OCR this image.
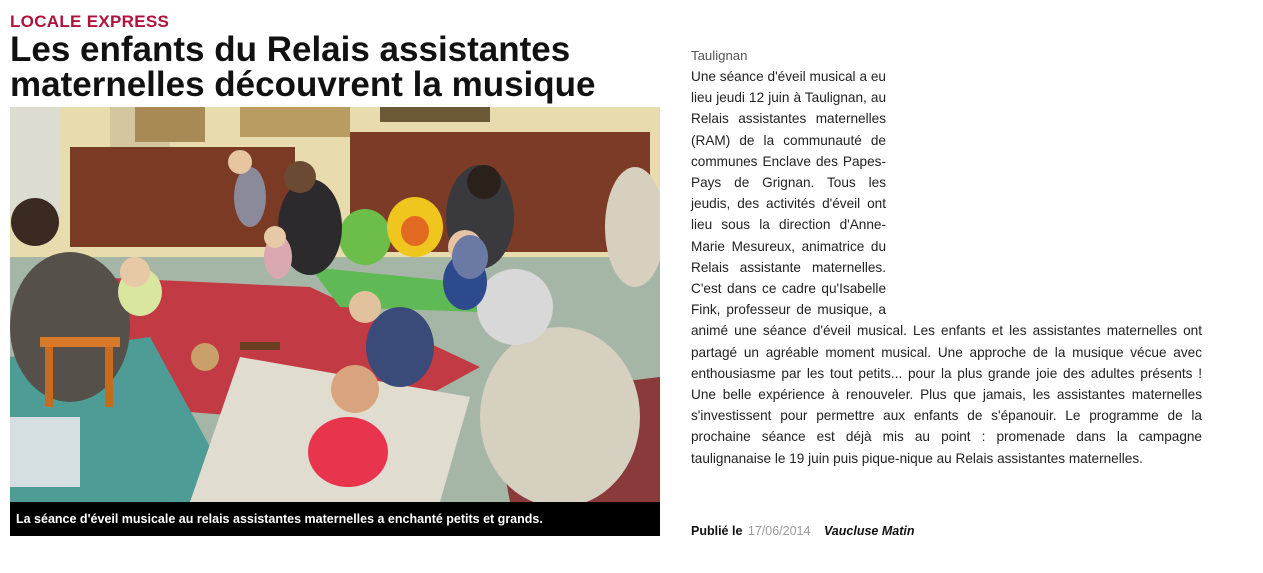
LOCALE EXPRESS
Les enfants du Relais assistantes maternelles découvrent la musique
La séance d'éveil musicale au relais assistantes maternelles a enchanté petits et grands.

Taulignan

Une séance d'éveil musical a eu lieu jeudi 12 juin à Taulignan, au Relais assistantes maternelles (RAM) de la communauté de communes Enclave des Papes-Pays de Grignan. Tous les jeudis, des activités d'éveil ont lieu sous la direction d'Anne-Marie Mesureux, animatrice du Relais assistante maternelles. C'est dans ce cadre qu'Isabelle Fink, professeur de musique, a animé une séance d'éveil musical. Les enfants et les assistantes maternelles ont partagé un agréable moment musical. Une approche de la musique vécue avec enthousiasme par les tout petits... pour la plus grande joie des adultes présents ! Une belle expérience à renouveler. Plus que jamais, les assistantes maternelles s'investissent pour permettre aux enfants de s'épanouir. Le programme de la prochaine séance est déjà mis au point : promenade dans la campagne taulignanaise le 19 juin puis pique-nique au Relais assistantes maternelles.

Publié le 17/06/2014 Vaucluse Matin
